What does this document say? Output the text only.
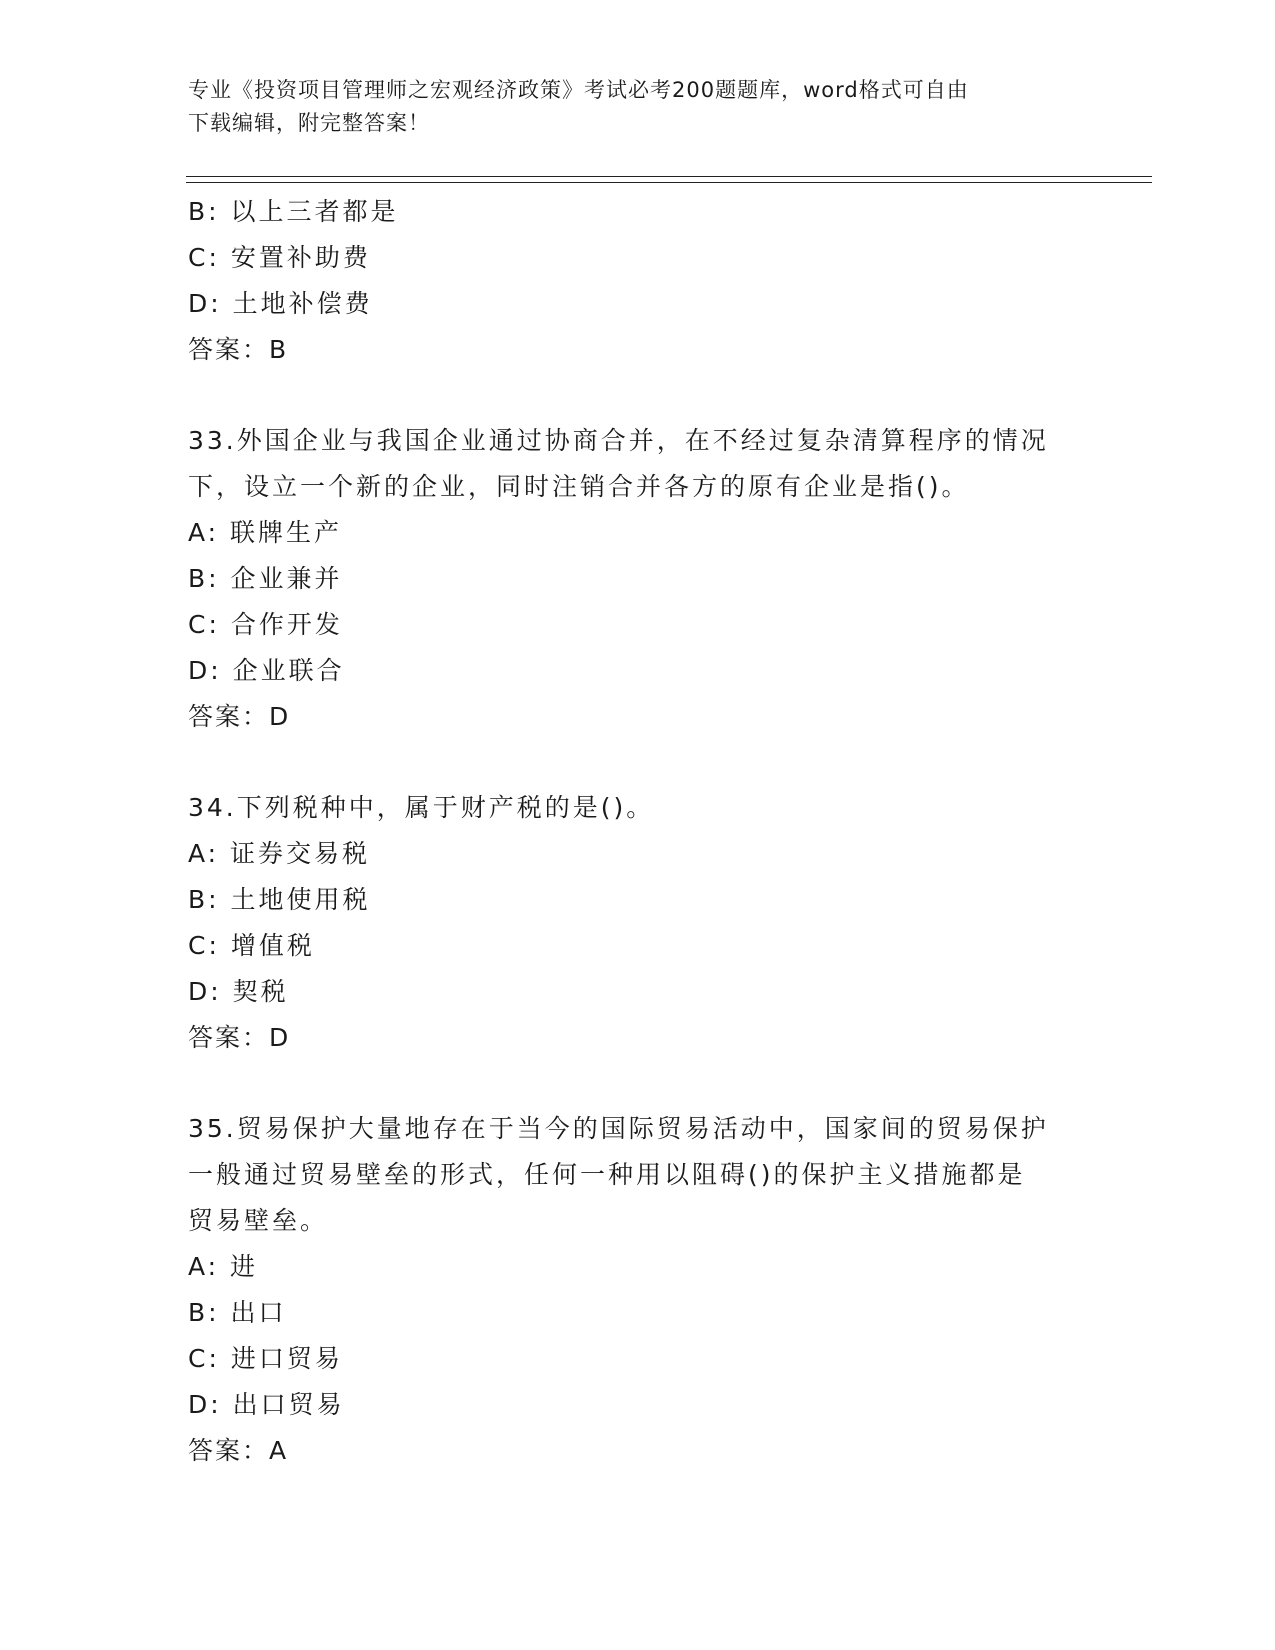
专业《投资项目管理师之宏观经济政策》考试必考200题题库，word格式可自由
下载编辑，附完整答案！
B: 以上三者都是
C: 安置补助费
D: 土地补偿费
答案：B
33.外国企业与我国企业通过协商合并，在不经过复杂清算程序的情况
下，设立一个新的企业，同时注销合并各方的原有企业是指()。
A: 联牌生产
B: 企业兼并
C: 合作开发
D: 企业联合
答案：D
34.下列税种中，属于财产税的是()。
A: 证券交易税
B: 土地使用税
C: 增值税
D: 契税
答案：D
35.贸易保护大量地存在于当今的国际贸易活动中，国家间的贸易保护
一般通过贸易壁垒的形式，任何一种用以阻碍()的保护主义措施都是
贸易壁垒。
A: 进
B: 出口
C: 进口贸易
D: 出口贸易
答案：A
